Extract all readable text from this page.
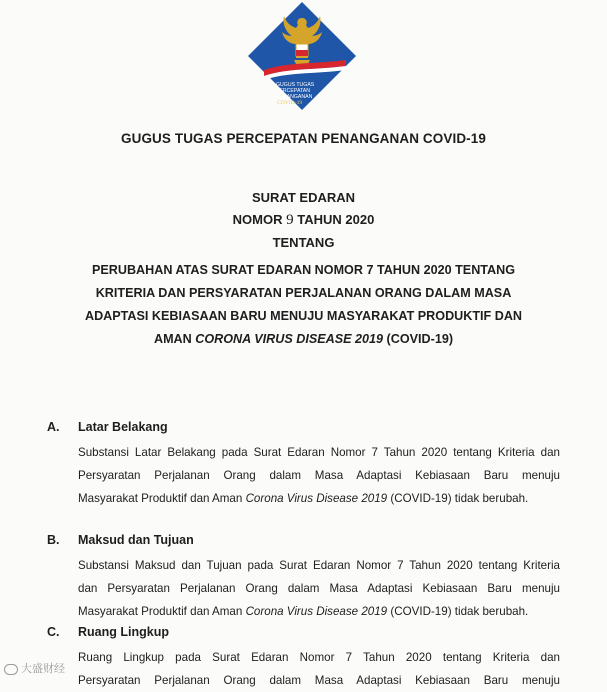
GUGUS TUGAS
PERCEPATAN
PENANGANAN
COVID-19
GUGUS TUGAS PERCEPATAN PENANGANAN COVID-19
SURAT EDARAN
NOMOR 9 TAHUN 2020
TENTANG
PERUBAHAN ATAS SURAT EDARAN NOMOR 7 TAHUN 2020 TENTANG
KRITERIA DAN PERSYARATAN PERJALANAN ORANG DALAM MASA
ADAPTASI KEBIASAAN BARU MENUJU MASYARAKAT PRODUKTIF DAN
AMAN CORONA VIRUS DISEASE 2019 (COVID-19)
A. Latar Belakang
Substansi Latar Belakang pada Surat Edaran Nomor 7 Tahun 2020 tentang Kriteria dan
Persyaratan Perjalanan Orang dalam Masa Adaptasi Kebiasaan Baru menuju
Masyarakat Produktif dan Aman Corona Virus Disease 2019 (COVID-19) tidak berubah.
B. Maksud dan Tujuan
Substansi Maksud dan Tujuan pada Surat Edaran Nomor 7 Tahun 2020 tentang Kriteria
dan Persyaratan Perjalanan Orang dalam Masa Adaptasi Kebiasaan Baru menuju
Masyarakat Produktif dan Aman Corona Virus Disease 2019 (COVID-19) tidak berubah.
C. Ruang Lingkup
Ruang Lingkup pada Surat Edaran Nomor 7 Tahun 2020 tentang Kriteria dan
Persyaratan Perjalanan Orang dalam Masa Adaptasi Kebiasaan Baru menuju
大盛财经
